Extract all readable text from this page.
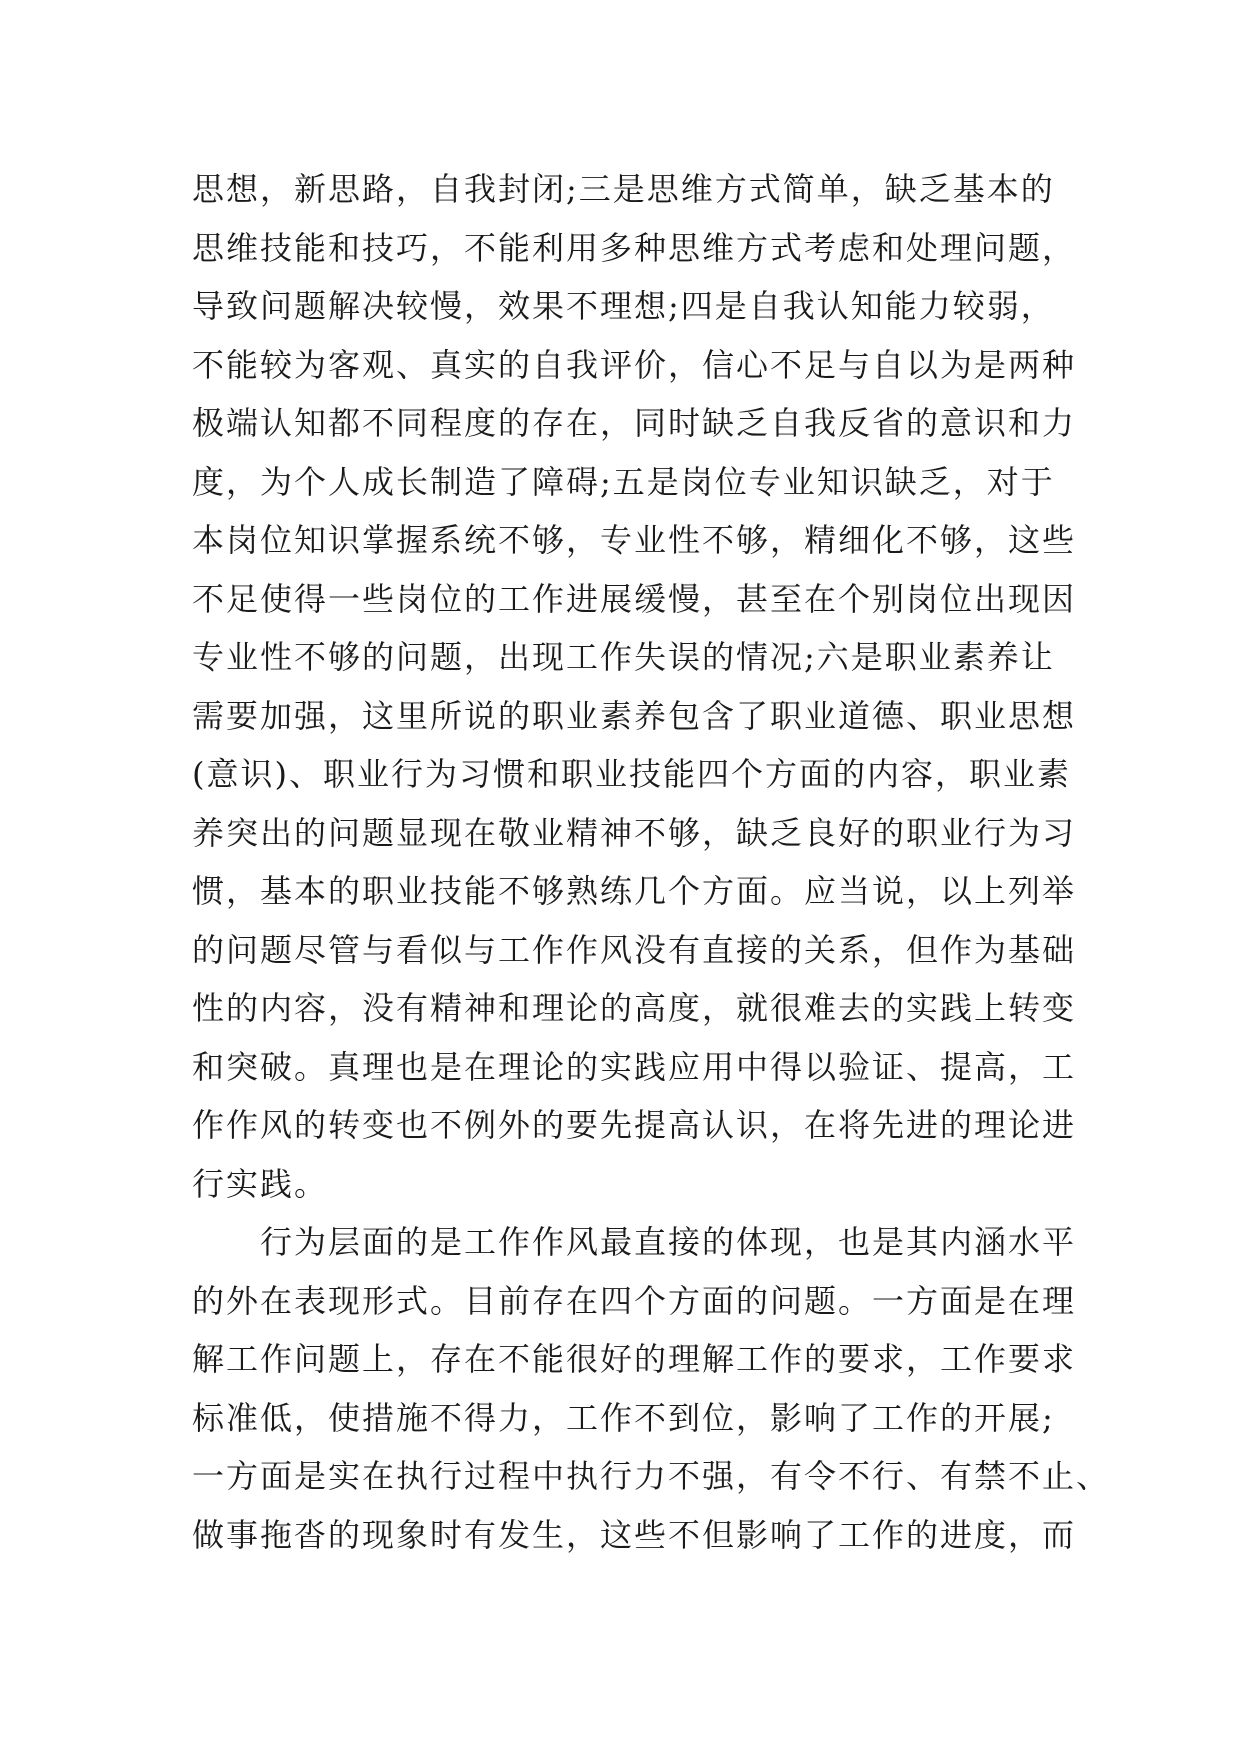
思想，新思路，自我封闭;三是思维方式简单，缺乏基本的
思维技能和技巧，不能利用多种思维方式考虑和处理问题，
导致问题解决较慢，效果不理想;四是自我认知能力较弱，
不能较为客观、真实的自我评价，信心不足与自以为是两种
极端认知都不同程度的存在，同时缺乏自我反省的意识和力
度，为个人成长制造了障碍;五是岗位专业知识缺乏，对于
本岗位知识掌握系统不够，专业性不够，精细化不够，这些
不足使得一些岗位的工作进展缓慢，甚至在个别岗位出现因
专业性不够的问题，出现工作失误的情况;六是职业素养让
需要加强，这里所说的职业素养包含了职业道德、职业思想
(意识)、职业行为习惯和职业技能四个方面的内容，职业素
养突出的问题显现在敬业精神不够，缺乏良好的职业行为习
惯，基本的职业技能不够熟练几个方面。应当说，以上列举
的问题尽管与看似与工作作风没有直接的关系，但作为基础
性的内容，没有精神和理论的高度，就很难去的实践上转变
和突破。真理也是在理论的实践应用中得以验证、提高，工
作作风的转变也不例外的要先提高认识，在将先进的理论进
行实践。
行为层面的是工作作风最直接的体现，也是其内涵水平
的外在表现形式。目前存在四个方面的问题。一方面是在理
解工作问题上，存在不能很好的理解工作的要求，工作要求
标准低，使措施不得力，工作不到位，影响了工作的开展;
一方面是实在执行过程中执行力不强，有令不行、有禁不止、
做事拖沓的现象时有发生，这些不但影响了工作的进度，而
